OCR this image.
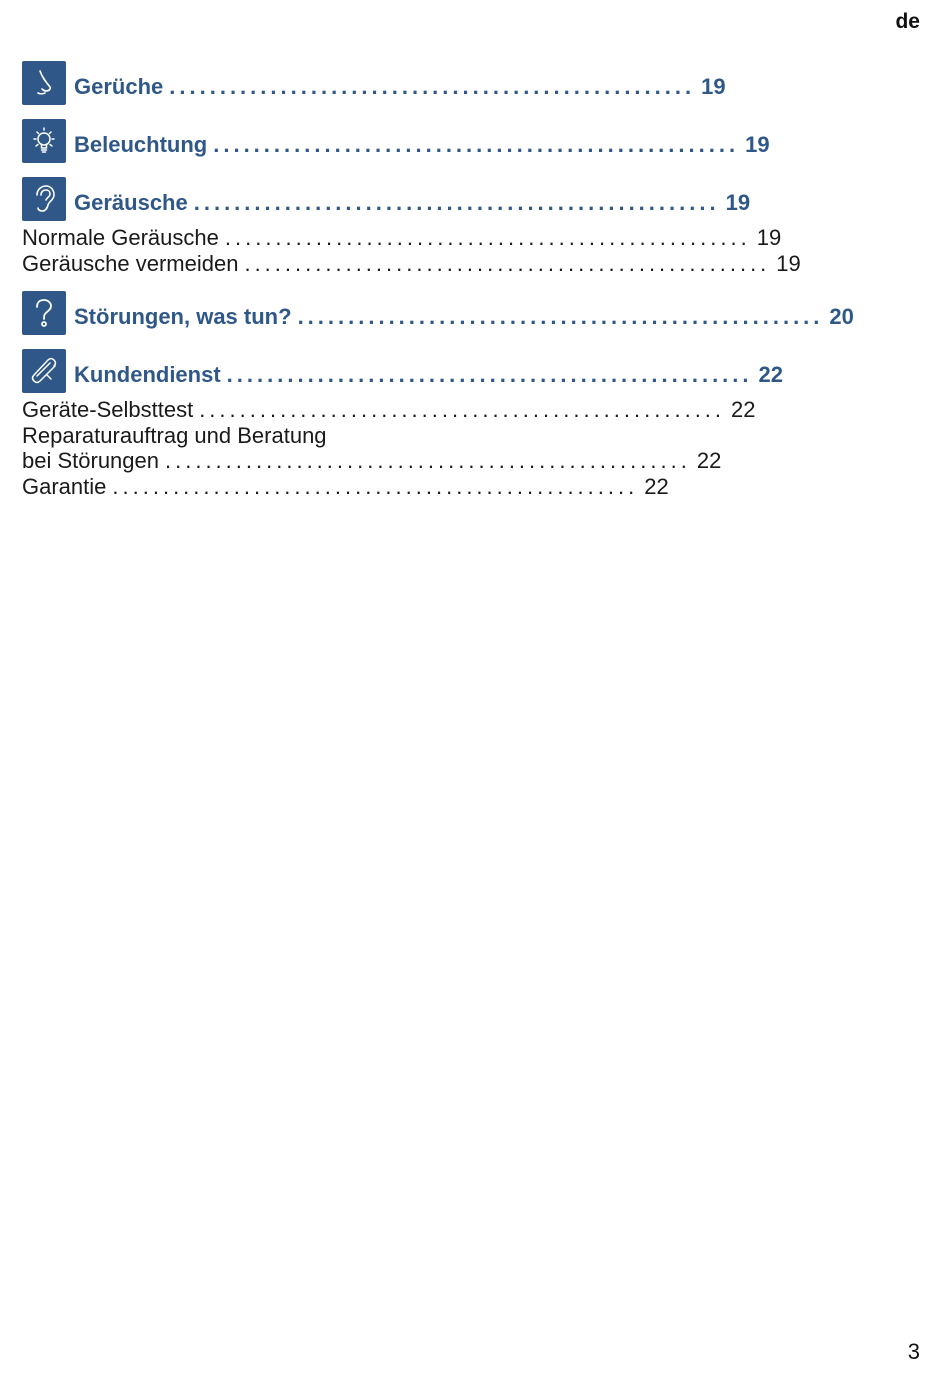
de
Gerüche .................................................... 19
Beleuchtung .................................................... 19
Geräusche .................................................... 19
Normale Geräusche .................................................... 19
Geräusche vermeiden .................................................... 19
Störungen, was tun? .................................................... 20
Kundendienst .................................................... 22
Geräte-Selbsttest .................................................... 22
Reparaturauftrag und Beratung
bei Störungen .................................................... 22
Garantie .................................................... 22
3
